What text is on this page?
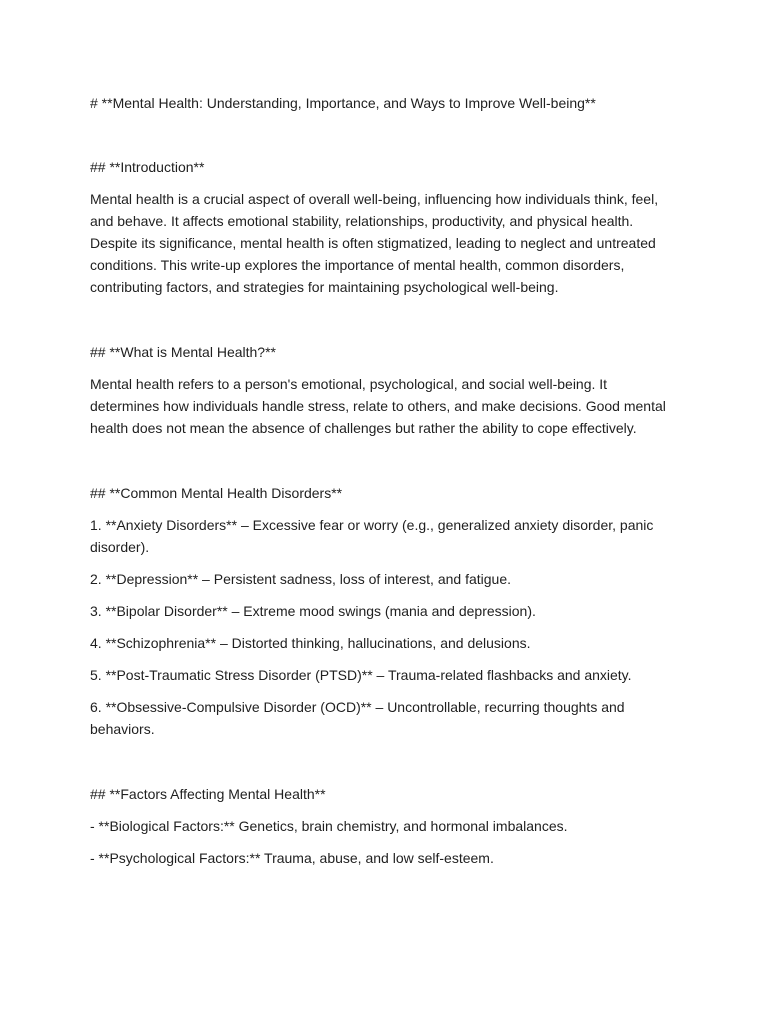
# **Mental Health: Understanding, Importance, and Ways to Improve Well-being**

## **Introduction**

Mental health is a crucial aspect of overall well-being, influencing how individuals think, feel, and behave. It affects emotional stability, relationships, productivity, and physical health. Despite its significance, mental health is often stigmatized, leading to neglect and untreated conditions. This write-up explores the importance of mental health, common disorders, contributing factors, and strategies for maintaining psychological well-being.

## **What is Mental Health?**

Mental health refers to a person's emotional, psychological, and social well-being. It determines how individuals handle stress, relate to others, and make decisions. Good mental health does not mean the absence of challenges but rather the ability to cope effectively.

## **Common Mental Health Disorders**

1. **Anxiety Disorders** – Excessive fear or worry (e.g., generalized anxiety disorder, panic disorder).

2. **Depression** – Persistent sadness, loss of interest, and fatigue.

3. **Bipolar Disorder** – Extreme mood swings (mania and depression).

4. **Schizophrenia** – Distorted thinking, hallucinations, and delusions.

5. **Post-Traumatic Stress Disorder (PTSD)** – Trauma-related flashbacks and anxiety.

6. **Obsessive-Compulsive Disorder (OCD)** – Uncontrollable, recurring thoughts and behaviors.

## **Factors Affecting Mental Health**

- **Biological Factors:** Genetics, brain chemistry, and hormonal imbalances.

- **Psychological Factors:** Trauma, abuse, and low self-esteem.
